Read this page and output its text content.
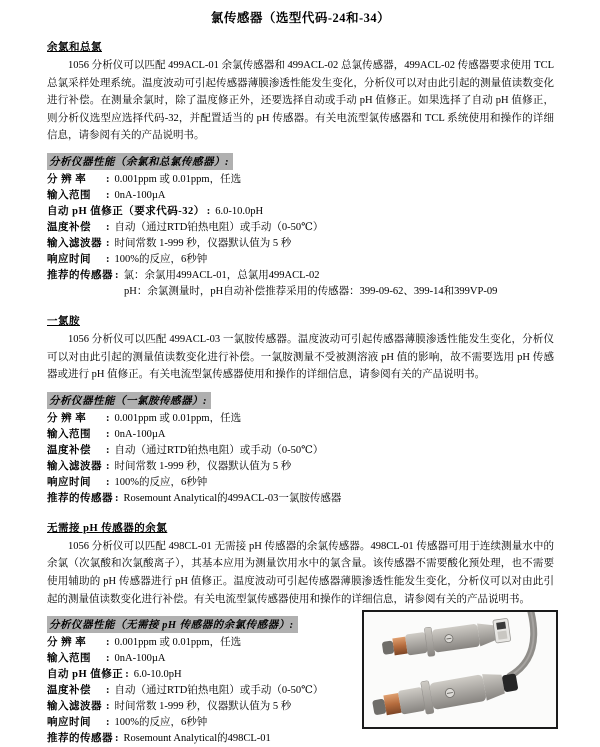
氯传感器（选型代码-24和-34）
余氯和总氯

1056 分析仪可以匹配 499ACL-01 余氯传感器和 499ACL-02 总氯传感器，499ACL-02 传感器要求使用 TCL 总氯采样处理系统。温度波动可引起传感器薄膜渗透性能发生变化，分析仪可以对由此引起的测量值读数变化进行补偿。在测量余氯时，除了温度修正外，还要选择自动或手动 pH 值修正。如果选择了自动 pH 值修正，则分析仪选型应选择代码-32，并配置适当的 pH 传感器。有关电流型氯传感器和 TCL 系统使用和操作的详细信息，请参阅有关的产品说明书。

分析仪器性能（余氯和总氯传感器）:
分 辨 率 : 0.001ppm 或 0.01ppm，任选
输入范围 : 0nA-100µA
自动 pH 值修正（要求代码-32） : 6.0-10.0pH
温度补偿 : 自动（通过RTD铂热电阻）或手动（0-50℃）
输入滤波器 : 时间常数 1-999 秒，仪器默认值为 5 秒
响应时间 : 100%的反应，6秒钟
推荐的传感器 : 氯：余氯用499ACL-01，总氯用499ACL-02
pH：余氯测量时，pH自动补偿推荐采用的传感器：399-09-62、399-14和399VP-09
一氯胺

1056 分析仪可以匹配 499ACL-03 一氯胺传感器。温度波动可引起传感器薄膜渗透性能发生变化，分析仪可以对由此引起的测量值读数变化进行补偿。一氯胺测量不受被测溶液 pH 值的影响，故不需要选用 pH 传感器或进行 pH 值修正。有关电流型氯传感器使用和操作的详细信息，请参阅有关的产品说明书。

分析仪器性能（一氯胺传感器）:
分 辨 率 : 0.001ppm 或 0.01ppm，任选
输入范围 : 0nA-100µA
温度补偿 : 自动（通过RTD铂热电阻）或手动（0-50℃）
输入滤波器 : 时间常数 1-999 秒，仪器默认值为 5 秒
响应时间 : 100%的反应，6秒钟
推荐的传感器 : Rosemount Analytical的499ACL-03一氯胺传感器
无需接 pH 传感器的余氯

1056 分析仪可以匹配 498CL-01 无需接 pH 传感器的余氯传感器。498CL-01 传感器可用于连续测量水中的余氯（次氯酸和次氯酸离子），其基本应用为测量饮用水中的氯含量。该传感器不需要酸化预处理，也不需要使用辅助的 pH 传感器进行 pH 值修正。温度波动可引起传感器薄膜渗透性能发生变化，分析仪可以对由此引起的测量值读数变化进行补偿。有关电流型氯传感器使用和操作的详细信息，请参阅有关的产品说明书。

分析仪器性能（无需接 pH 传感器的余氯传感器）:
分 辨 率 : 0.001ppm 或 0.01ppm，任选
输入范围 : 0nA-100µA
自动 pH 值修正 : 6.0-10.0pH
温度补偿 : 自动（通过RTD铂热电阻）或手动（0-50℃）
输入滤波器 : 时间常数 1-999 秒，仪器默认值为 5 秒
响应时间 : 100%的反应，6秒钟
推荐的传感器 : Rosemount Analytical的498CL-01
